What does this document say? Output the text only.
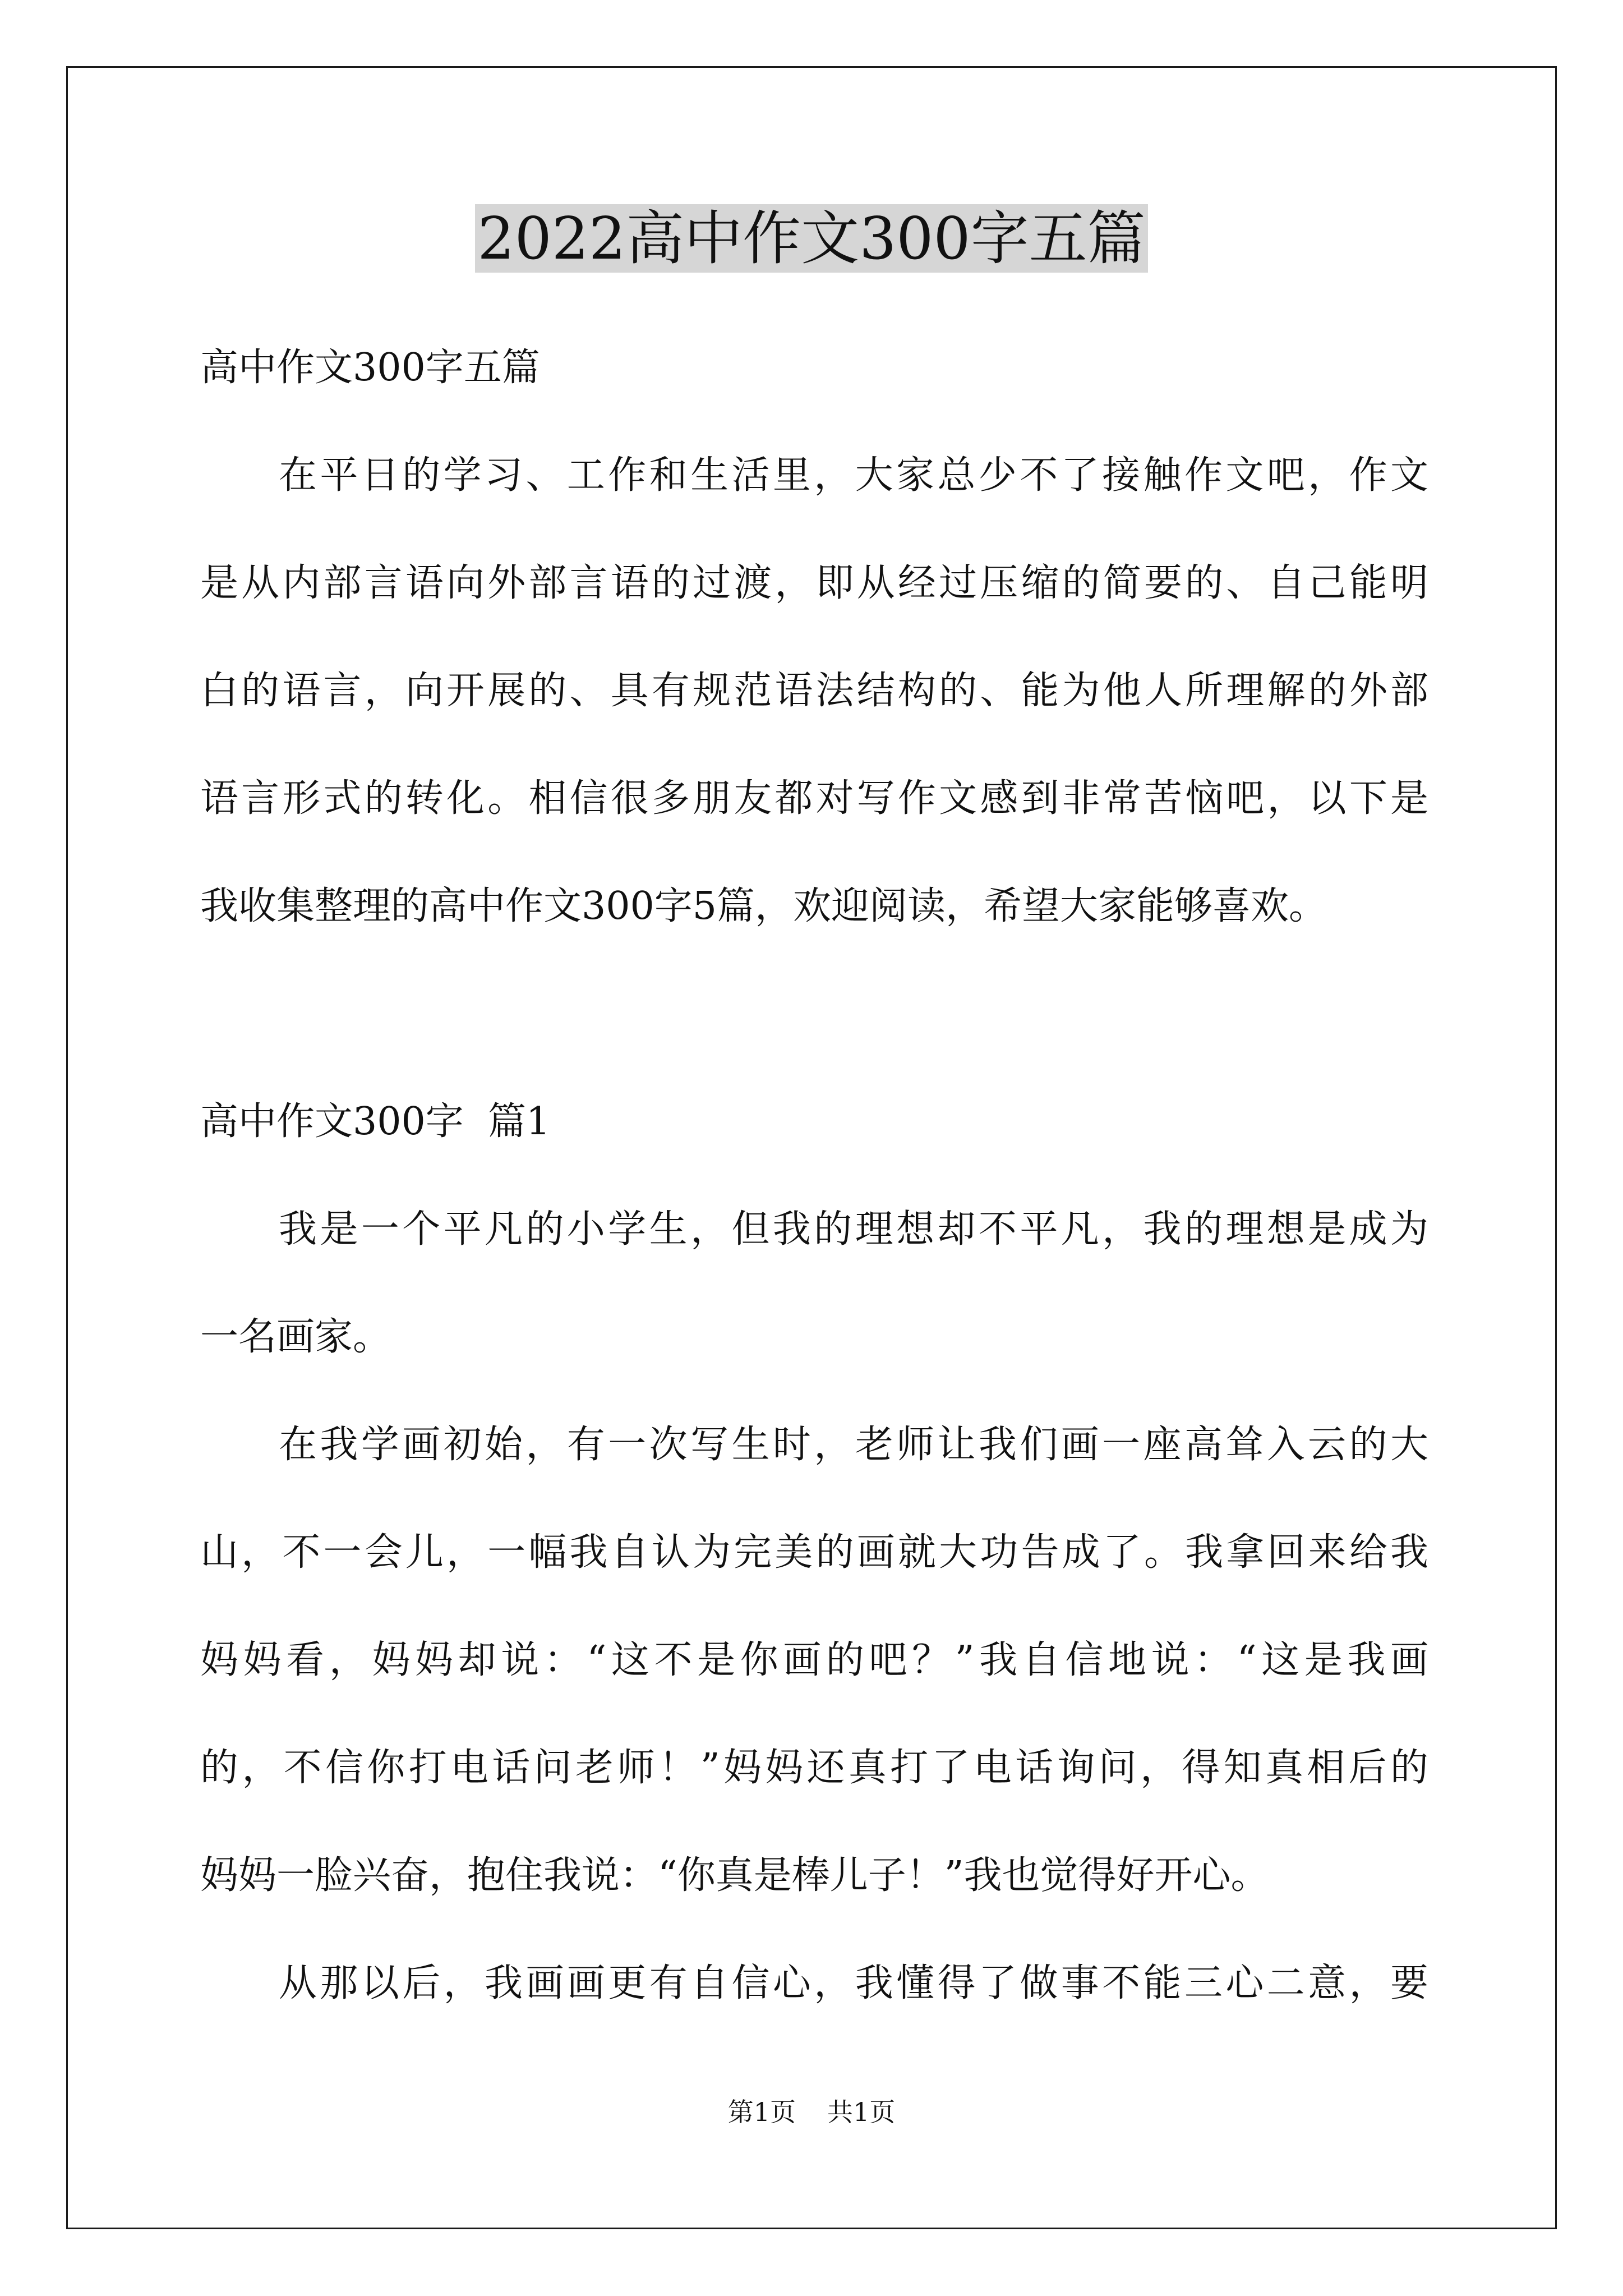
2022高中作文300字五篇
高中作文300字五篇
在平日的学习、工作和生活里，大家总少不了接触作文吧，作文
是从内部言语向外部言语的过渡，即从经过压缩的简要的、自己能明
白的语言，向开展的、具有规范语法结构的、能为他人所理解的外部
语言形式的转化。相信很多朋友都对写作文感到非常苦恼吧，以下是
我收集整理的高中作文300字5篇，欢迎阅读，希望大家能够喜欢。
高中作文300字  篇1
我是一个平凡的小学生，但我的理想却不平凡，我的理想是成为
一名画家。
在我学画初始，有一次写生时，老师让我们画一座高耸入云的大
山，不一会儿，一幅我自认为完美的画就大功告成了。我拿回来给我
妈妈看，妈妈却说：“这不是你画的吧？”我自信地说：“这是我画
的，不信你打电话问老师！”妈妈还真打了电话询问，得知真相后的
妈妈一脸兴奋，抱住我说：“你真是棒儿子！”我也觉得好开心。
从那以后，我画画更有自信心，我懂得了做事不能三心二意，要
第1页 共1页
